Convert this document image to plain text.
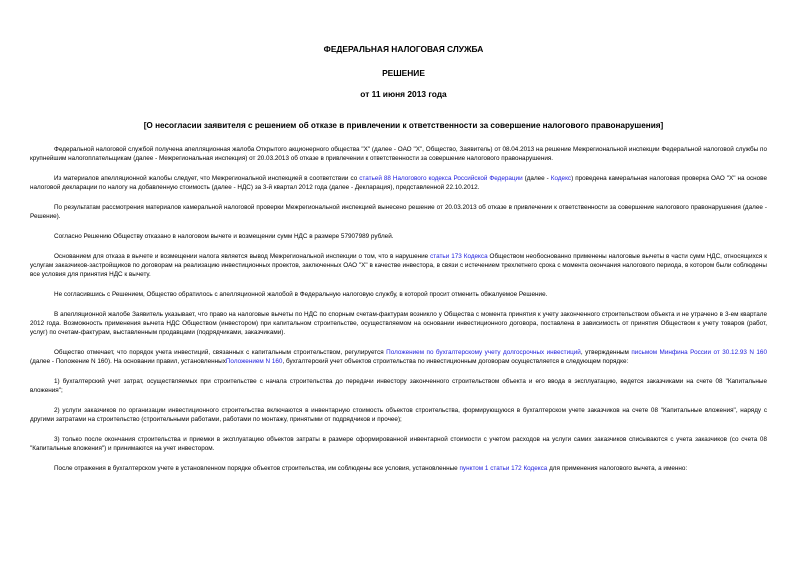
ФЕДЕРАЛЬНАЯ НАЛОГОВАЯ СЛУЖБА
РЕШЕНИЕ
от 11 июня 2013 года
[О несогласии заявителя с решением об отказе в привлечении к ответственности за совершение налогового правонарушения]

Федеральной налоговой службой получена апелляционная жалоба Открытого акционерного общества "Х" (далее - ОАО "Х", Общество, Заявитель) от 08.04.2013 на решение Межрегиональной инспекции Федеральной налоговой службы по крупнейшим налогоплательщикам (далее - Межрегиональная инспекция) от 20.03.2013 об отказе в привлечении к ответственности за совершение налогового правонарушения.

Из материалов апелляционной жалобы следует, что Межрегиональной инспекцией в соответствии со статьей 88 Налогового кодекса Российской Федерации (далее - Кодекс) проведена камеральная налоговая проверка ОАО "Х" на основе налоговой декларации по налогу на добавленную стоимость (далее - НДС) за 3-й квартал 2012 года (далее - Декларация), представленной 22.10.2012.

По результатам рассмотрения материалов камеральной налоговой проверки Межрегиональной инспекцией вынесено решение от 20.03.2013 об отказе в привлечении к ответственности за совершение налогового правонарушения (далее - Решение).

Согласно Решению Обществу отказано в налоговом вычете и возмещении сумм НДС в размере 57907989 рублей.

Основанием для отказа в вычете и возмещении налога является вывод Межрегиональной инспекции о том, что в нарушение статьи 173 Кодекса Обществом необоснованно применены налоговые вычеты в части сумм НДС, относящихся к услугам заказчиков-застройщиков по договорам на реализацию инвестиционных проектов, заключенных ОАО "Х" в качестве инвестора, в связи с истечением трехлетнего срока с момента окончания налогового периода, в котором были соблюдены все условия для принятия НДС к вычету.

Не согласившись с Решением, Общество обратилось с апелляционной жалобой в Федеральную налоговую службу, в которой просит отменить обжалуемое Решение.

В апелляционной жалобе Заявитель указывает, что право на налоговые вычеты по НДС по спорным счетам-фактурам возникло у Общества с момента принятия к учету законченного строительством объекта и не утрачено в 3-ем квартале 2012 года. Возможность применения вычета НДС Обществом (инвестором) при капитальном строительстве, осуществляемом на основании инвестиционного договора, поставлена в зависимость от принятия Обществом к учету товаров (работ, услуг) по счетам-фактурам, выставленным продавцами (подрядчиками, заказчиками).

Общество отмечает, что порядок учета инвестиций, связанных с капитальным строительством, регулируется Положением по бухгалтерскому учету долгосрочных инвестиций, утвержденным письмом Минфина России от 30.12.93 N 160 (далее - Положение N 160). На основании правил, установленныхПоложением N 160, бухгалтерский учет объектов строительства по инвестиционным договорам осуществляется в следующем порядке:

1) бухгалтерский учет затрат, осуществляемых при строительстве с начала строительства до передачи инвестору законченного строительством объекта и его ввода в эксплуатацию, ведется заказчиками на счете 08 "Капитальные вложения";

2) услуги заказчиков по организации инвестиционного строительства включаются в инвентарную стоимость объектов строительства, формирующуюся в бухгалтерском учете заказчиков на счете 08 "Капитальные вложения", наряду с другими затратами на строительство (строительными работами, работами по монтажу, принятыми от подрядчиков и прочее);

3) только после окончания строительства и приемки в эксплуатацию объектов затраты в размере сформированной инвентарной стоимости с учетом расходов на услуги самих заказчиков списываются с учета заказчиков (со счета 08 "Капитальные вложения") и принимаются на учет инвестором.

После отражения в бухгалтерском учете в установленном порядке объектов строительства, им соблюдены все условия, установленные пунктом 1 статьи 172 Кодекса для применения налогового вычета, а именно:
